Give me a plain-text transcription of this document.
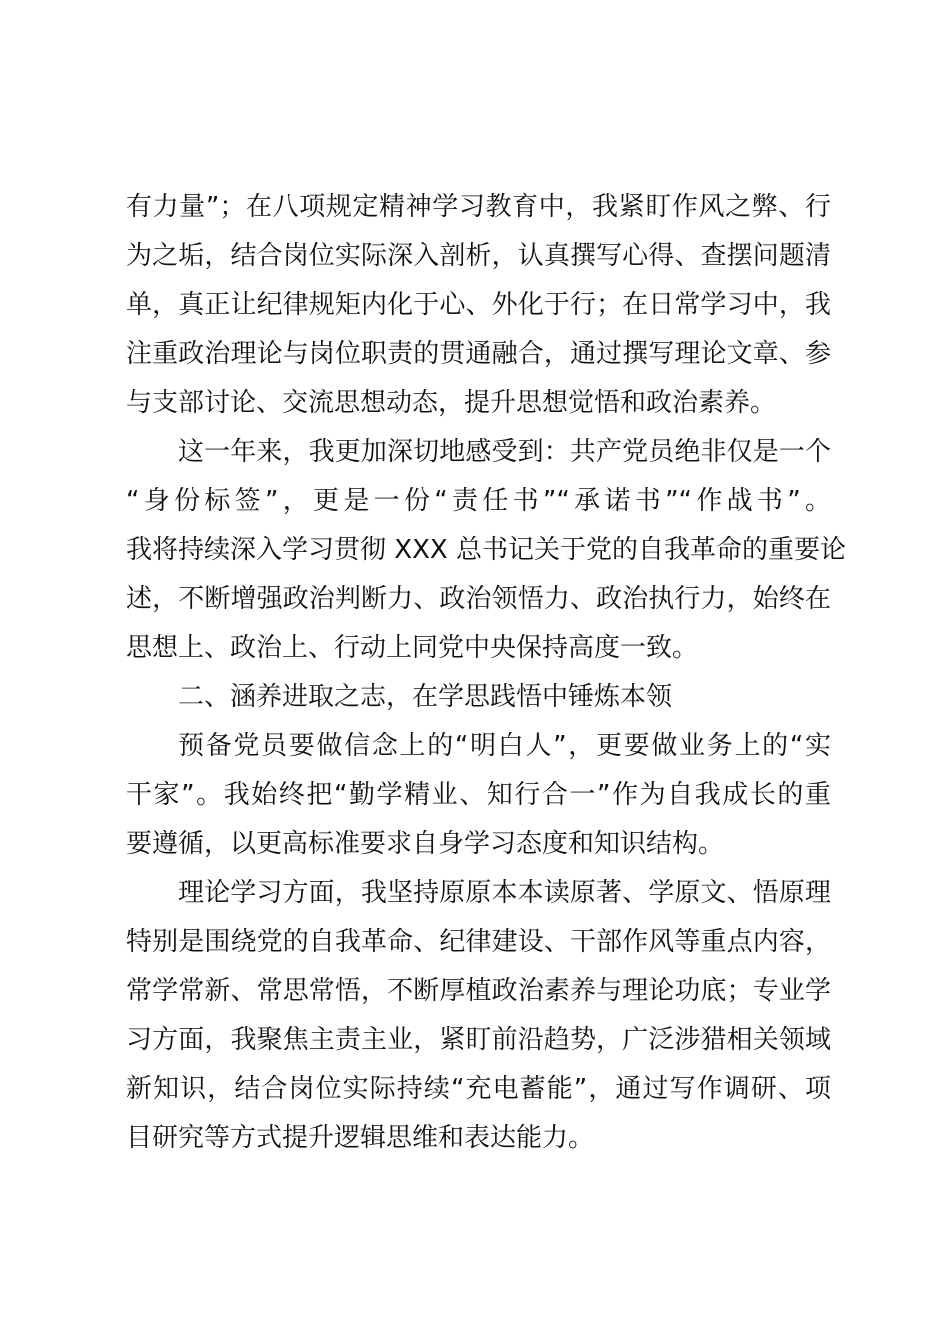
有力量”；在八项规定精神学习教育中，我紧盯作风之弊、行
为之垢，结合岗位实际深入剖析，认真撰写心得、查摆问题清
单，真正让纪律规矩内化于心、外化于行；在日常学习中，我
注重政治理论与岗位职责的贯通融合，通过撰写理论文章、参
与支部讨论、交流思想动态，提升思想觉悟和政治素养。

这一年来，我更加深切地感受到：共产党员绝非仅是一个
“身份标签”，更是一份“责任书”“承诺书”“作战书”。
我将持续深入学习贯彻 XXX 总书记关于党的自我革命的重要论
述，不断增强政治判断力、政治领悟力、政治执行力，始终在
思想上、政治上、行动上同党中央保持高度一致。

二、涵养进取之志，在学思践悟中锤炼本领

预备党员要做信念上的“明白人”，更要做业务上的“实
干家”。我始终把“勤学精业、知行合一”作为自我成长的重
要遵循，以更高标准要求自身学习态度和知识结构。

理论学习方面，我坚持原原本本读原著、学原文、悟原理
特别是围绕党的自我革命、纪律建设、干部作风等重点内容，
常学常新、常思常悟，不断厚植政治素养与理论功底；专业学
习方面，我聚焦主责主业，紧盯前沿趋势，广泛涉猎相关领域
新知识，结合岗位实际持续“充电蓄能”，通过写作调研、项
目研究等方式提升逻辑思维和表达能力。
